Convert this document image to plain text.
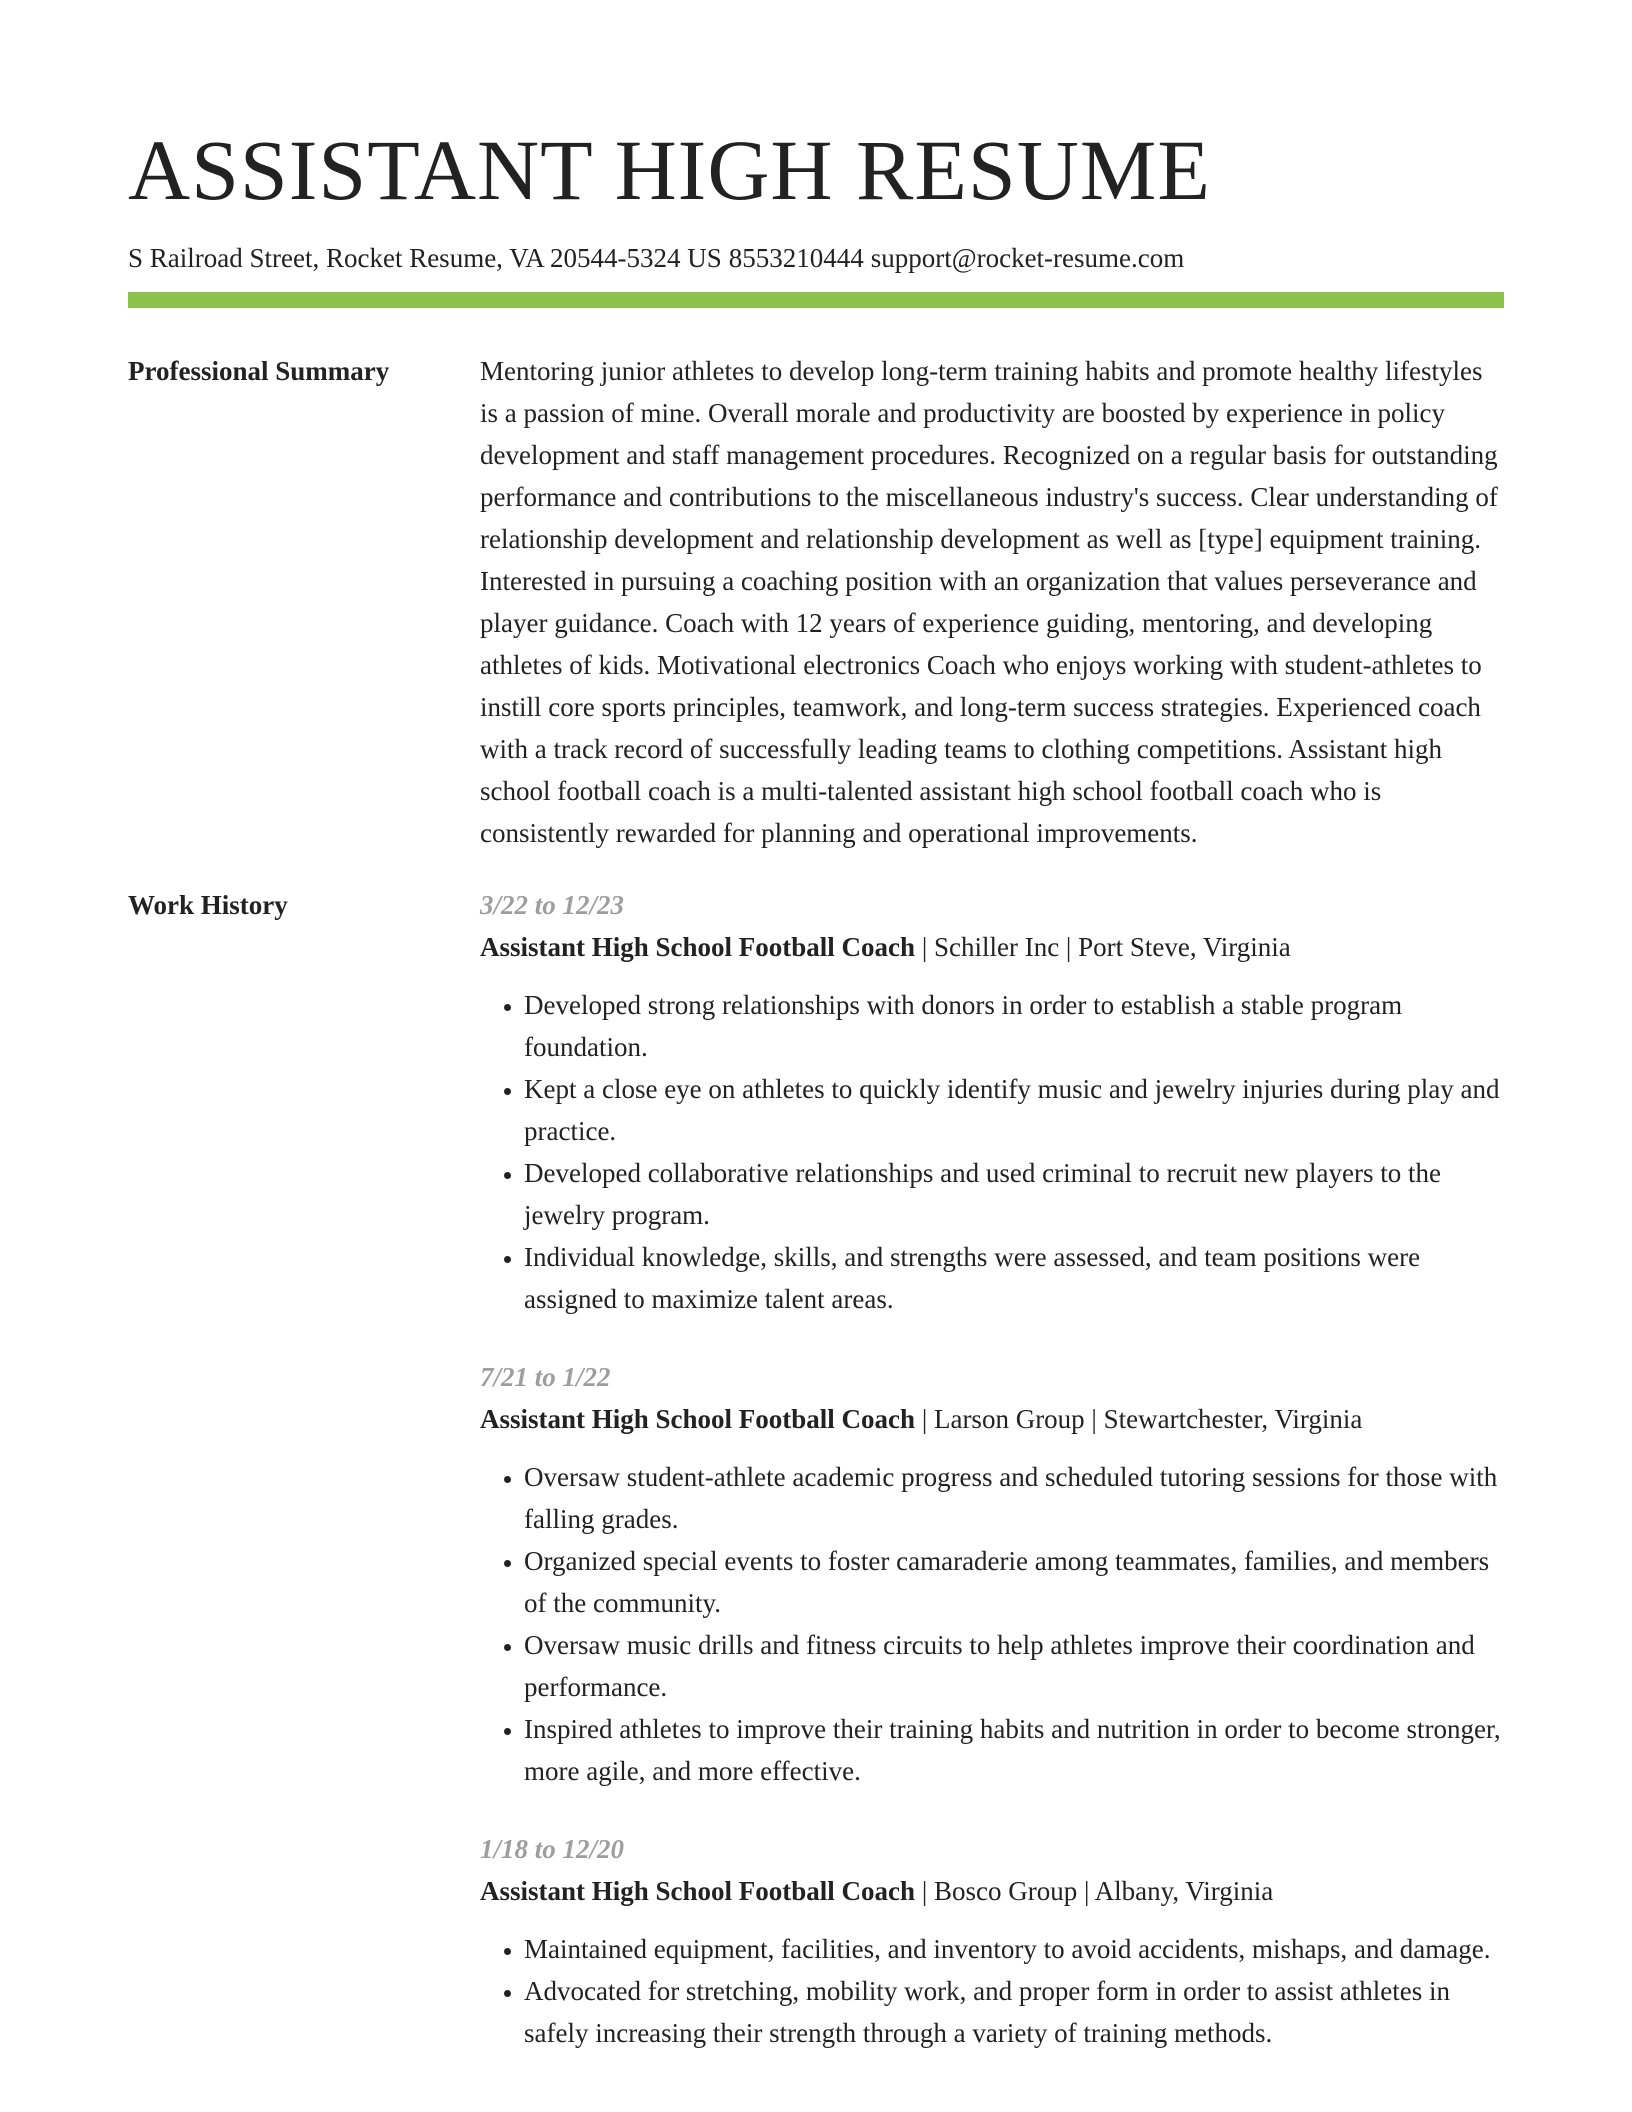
ASSISTANT HIGH RESUME
S Railroad Street, Rocket Resume, VA 20544-5324 US 8553210444 support@rocket-resume.com
Professional Summary	Mentoring junior athletes to develop long-term training habits and promote healthy lifestyles is a passion of mine. Overall morale and productivity are boosted by experience in policy development and staff management procedures. Recognized on a regular basis for outstanding performance and contributions to the miscellaneous industry's success. Clear understanding of relationship development and relationship development as well as [type] equipment training. Interested in pursuing a coaching position with an organization that values perseverance and player guidance. Coach with 12 years of experience guiding, mentoring, and developing athletes of kids. Motivational electronics Coach who enjoys working with student-athletes to instill core sports principles, teamwork, and long-term success strategies. Experienced coach with a track record of successfully leading teams to clothing competitions. Assistant high school football coach is a multi-talented assistant high school football coach who is consistently rewarded for planning and operational improvements.

Work History	3/22 to 12/23
Assistant High School Football Coach | Schiller Inc | Port Steve, Virginia
• Developed strong relationships with donors in order to establish a stable program foundation.
• Kept a close eye on athletes to quickly identify music and jewelry injuries during play and practice.
• Developed collaborative relationships and used criminal to recruit new players to the jewelry program.
• Individual knowledge, skills, and strengths were assessed, and team positions were assigned to maximize talent areas.
7/21 to 1/22
Assistant High School Football Coach | Larson Group | Stewartchester, Virginia
• Oversaw student-athlete academic progress and scheduled tutoring sessions for those with falling grades.
• Organized special events to foster camaraderie among teammates, families, and members of the community.
• Oversaw music drills and fitness circuits to help athletes improve their coordination and performance.
• Inspired athletes to improve their training habits and nutrition in order to become stronger, more agile, and more effective.
1/18 to 12/20
Assistant High School Football Coach | Bosco Group | Albany, Virginia
• Maintained equipment, facilities, and inventory to avoid accidents, mishaps, and damage.
• Advocated for stretching, mobility work, and proper form in order to assist athletes in safely increasing their strength through a variety of training methods.
